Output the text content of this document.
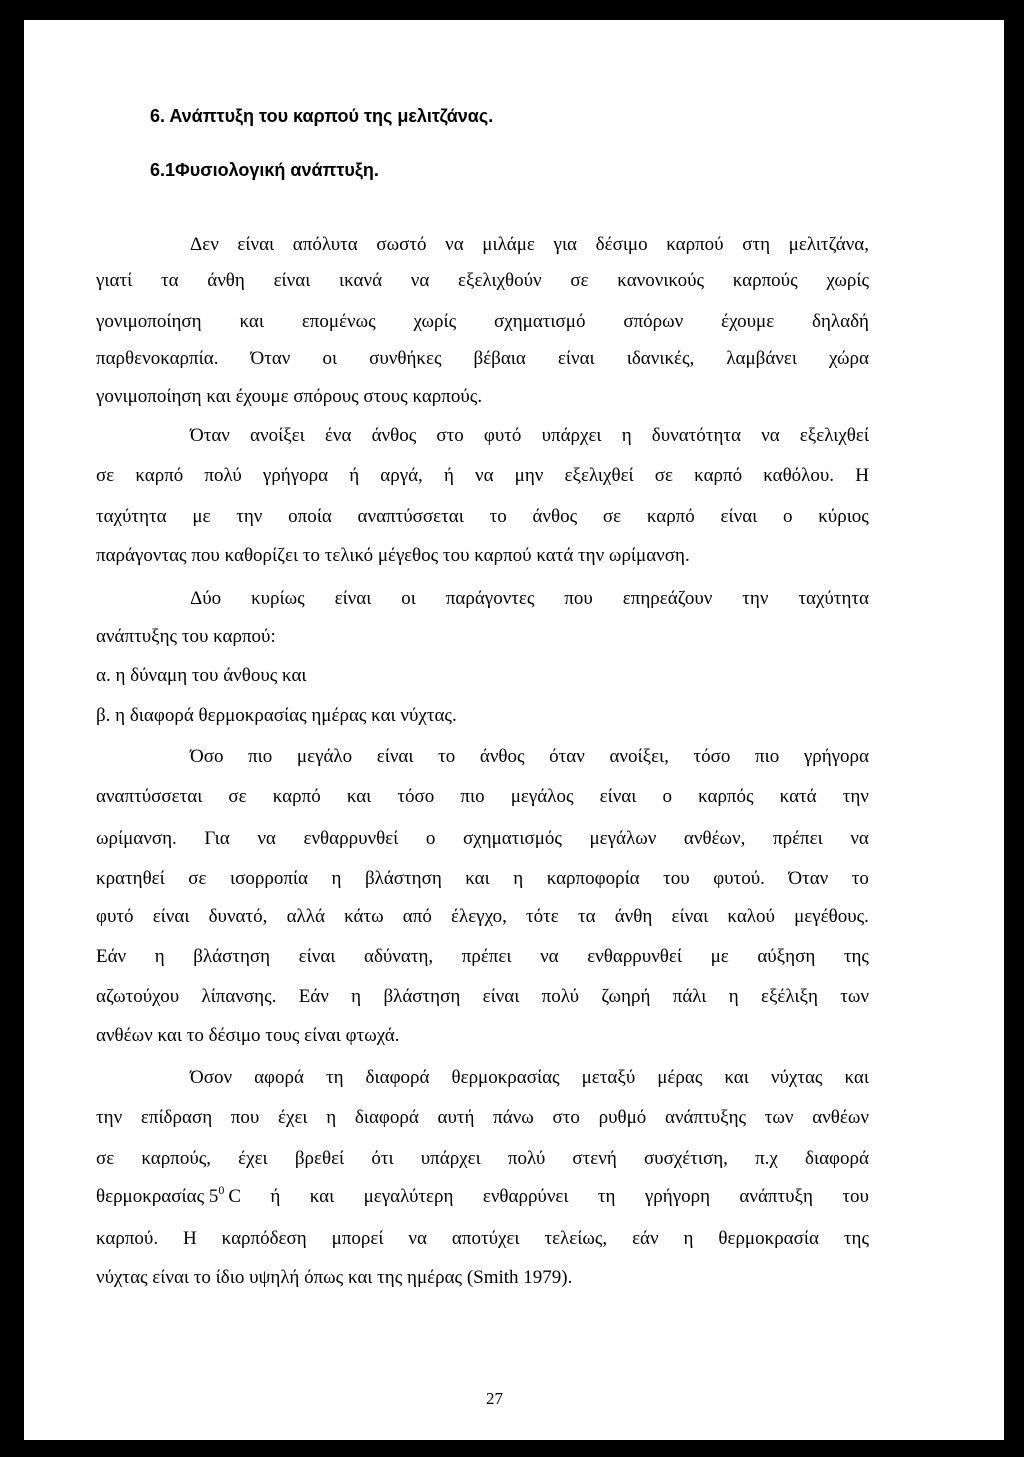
6. Ανάπτυξη του καρπού της μελιτζάνας.
6.1Φυσιολογική ανάπτυξη.
Δεν είναι απόλυτα σωστό να μιλάμε για δέσιμο καρπού στη μελιτζάνα,
γιατί τα άνθη είναι ικανά να εξελιχθούν σε κανονικούς καρπούς χωρίς
γονιμοποίηση και επομένως χωρίς σχηματισμό σπόρων έχουμε δηλαδή
παρθενοκαρπία. Όταν οι συνθήκες βέβαια είναι ιδανικές, λαμβάνει χώρα
γονιμοποίηση και έχουμε σπόρους στους καρπούς.
Όταν ανοίξει ένα άνθος στο φυτό υπάρχει η δυνατότητα να εξελιχθεί
σε καρπό πολύ γρήγορα ή αργά, ή να μην εξελιχθεί σε καρπό καθόλου. Η
ταχύτητα με την οποία αναπτύσσεται το άνθος σε καρπό είναι ο κύριος
παράγοντας που καθορίζει το τελικό μέγεθος του καρπού κατά την ωρίμανση.
Δύο κυρίως είναι οι παράγοντες που επηρεάζουν την ταχύτητα
ανάπτυξης του καρπού:
α. η δύναμη του άνθους και
β. η διαφορά θερμοκρασίας ημέρας και νύχτας.
Όσο πιο μεγάλο είναι το άνθος όταν ανοίξει, τόσο πιο γρήγορα
αναπτύσσεται σε καρπό και τόσο πιο μεγάλος είναι ο καρπός κατά την
ωρίμανση. Για να ενθαρρυνθεί ο σχηματισμός μεγάλων ανθέων, πρέπει να
κρατηθεί σε ισορροπία η βλάστηση και η καρποφορία του φυτού. Όταν το
φυτό είναι δυνατό, αλλά κάτω από έλεγχο, τότε τα άνθη είναι καλού μεγέθους.
Εάν η βλάστηση είναι αδύνατη, πρέπει να ενθαρρυνθεί με αύξηση της
αζωτούχου λίπανσης. Εάν η βλάστηση είναι πολύ ζωηρή πάλι η εξέλιξη των
ανθέων και το δέσιμο τους είναι φτωχά.
Όσον αφορά τη διαφορά θερμοκρασίας μεταξύ μέρας και νύχτας και
την επίδραση που έχει η διαφορά αυτή πάνω στο ρυθμό ανάπτυξης των ανθέων
σε καρπούς, έχει βρεθεί ότι υπάρχει πολύ στενή συσχέτιση, π.χ διαφορά
θερμοκρασίας $5^0$ C ή και μεγαλύτερη ενθαρρύνει τη γρήγορη ανάπτυξη του
καρπού. Η καρπόδεση μπορεί να αποτύχει τελείως, εάν η θερμοκρασία της
νύχτας είναι το ίδιο υψηλή όπως και της ημέρας (Smith 1979).
27
